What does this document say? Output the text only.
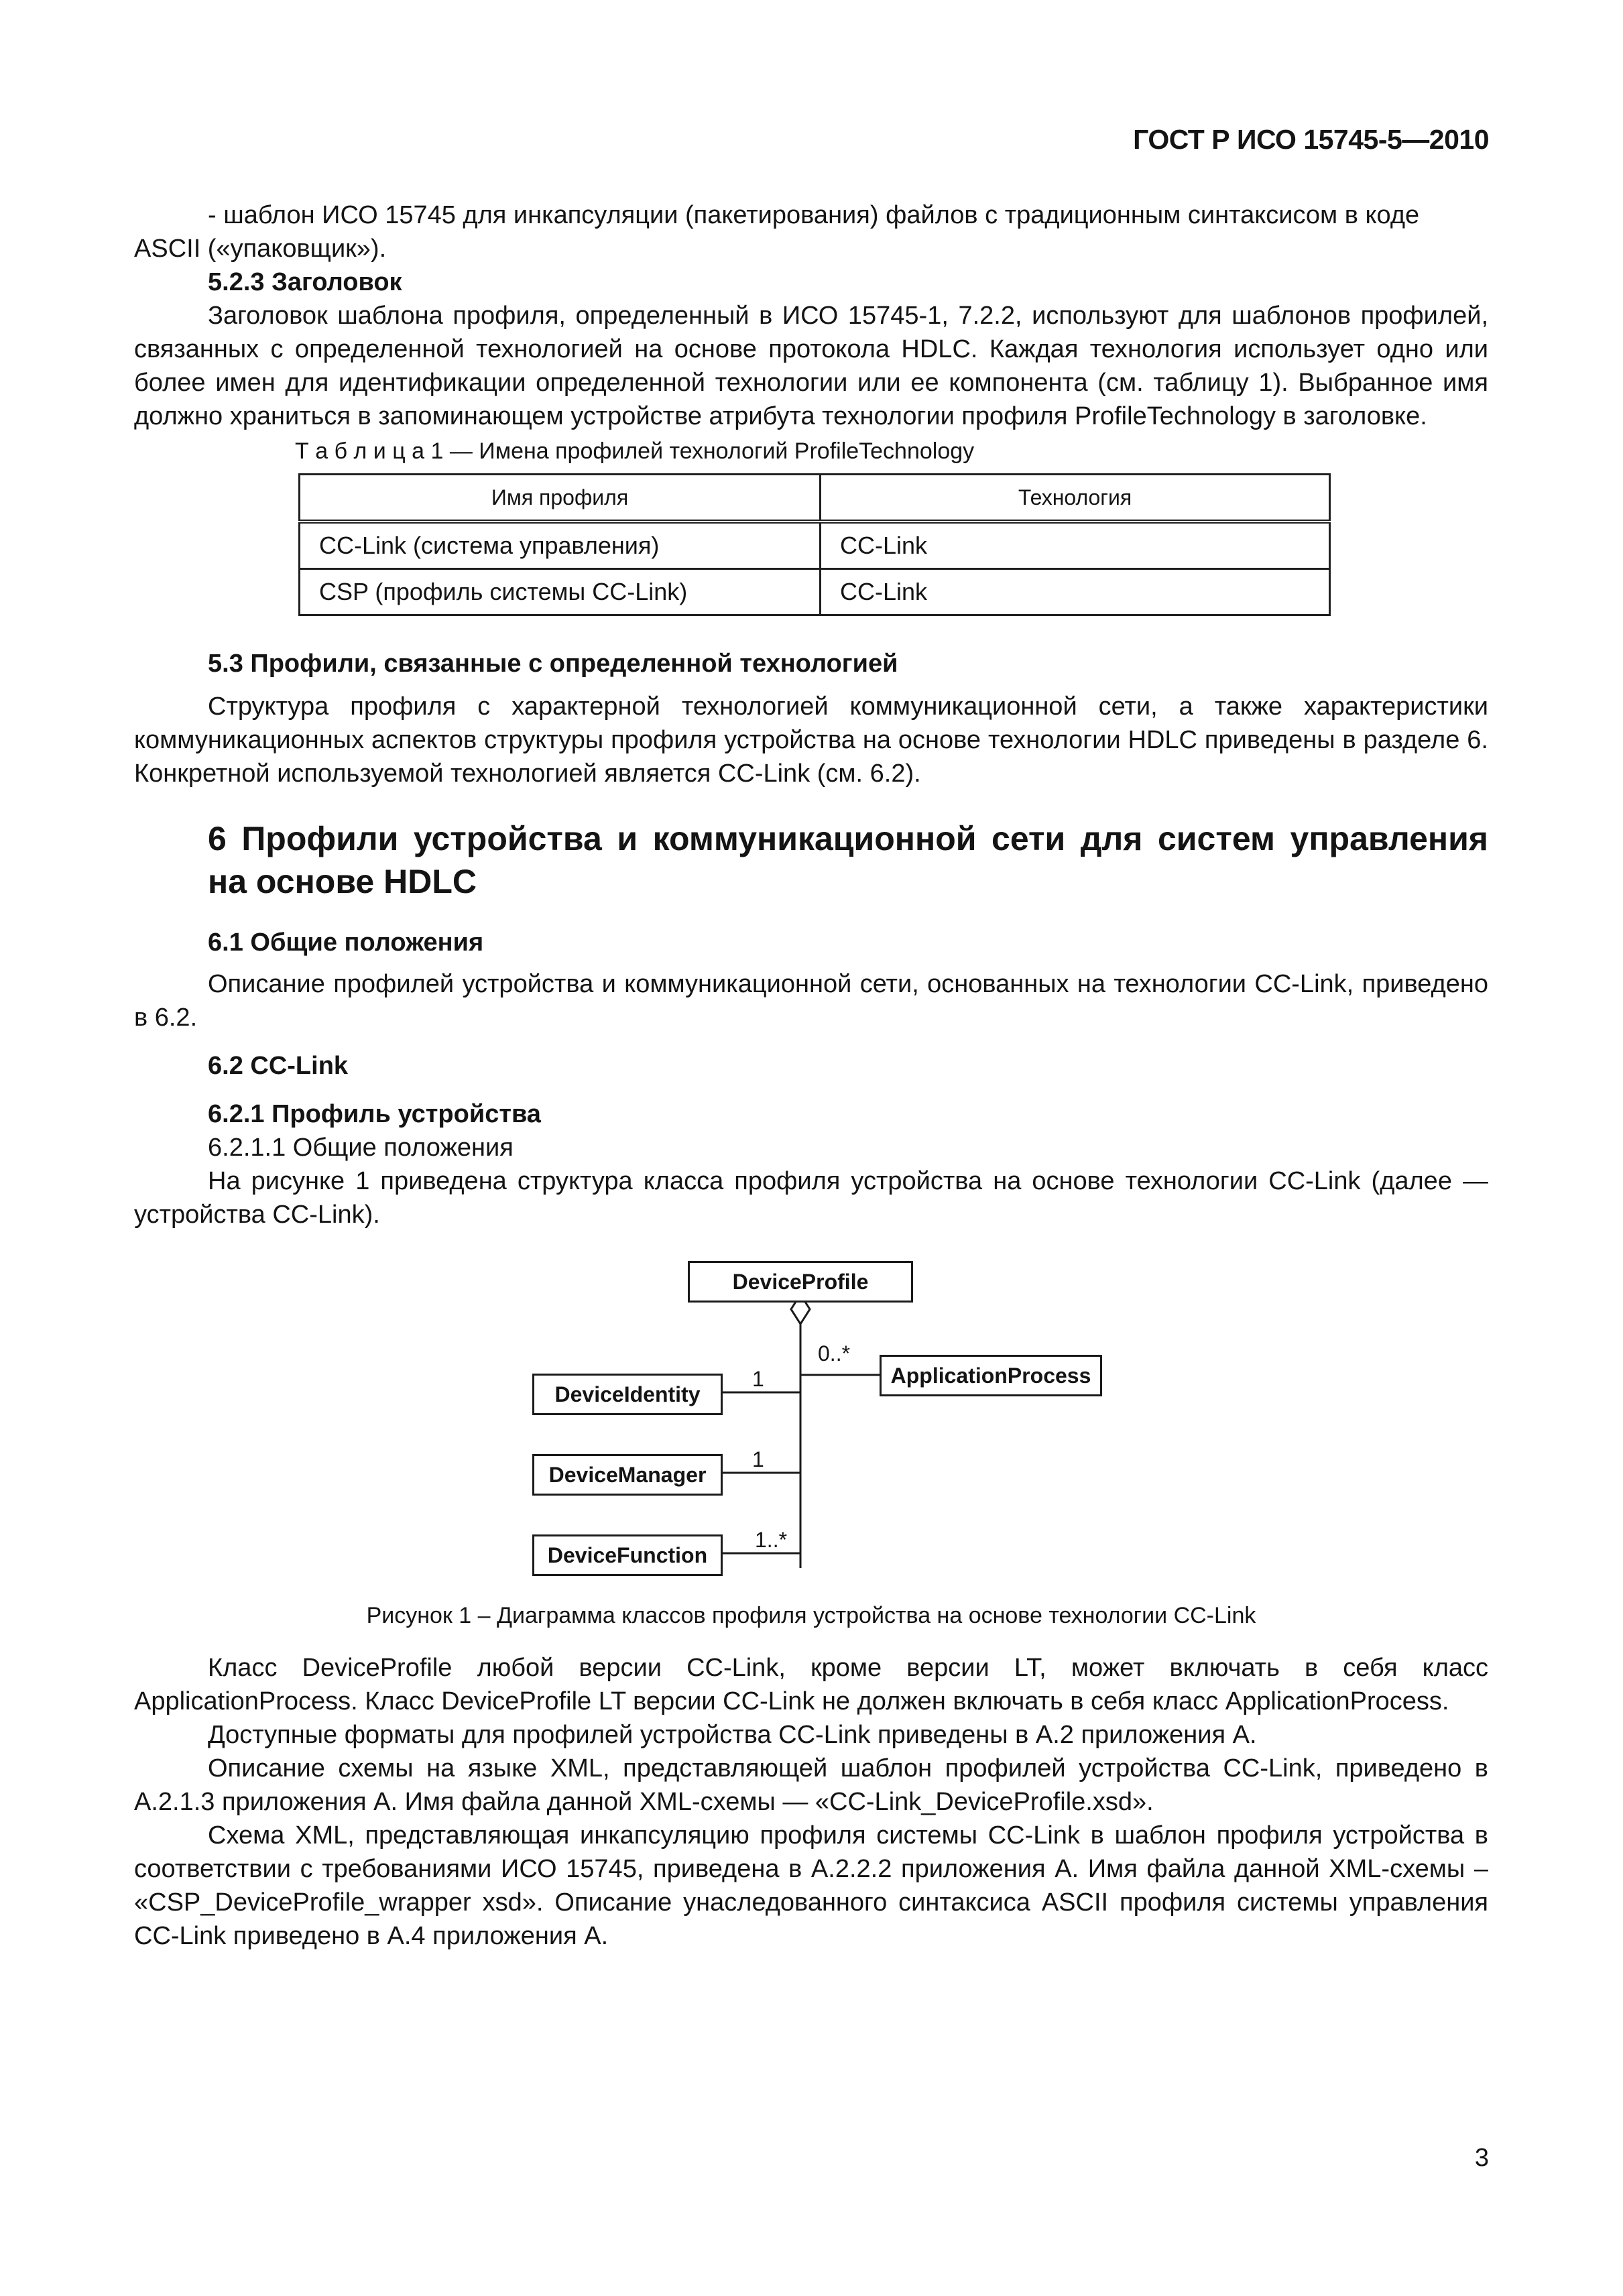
ГОСТ Р ИСО 15745-5—2010

- шаблон ИСО 15745 для инкапсуляции (пакетирования) файлов с традиционным синтаксисом в коде

ASCII («упаковщик»).

5.2.3 Заголовок

Заголовок шаблона профиля, определенный в ИСО 15745-1, 7.2.2, используют для шаблонов профилей, связанных с определенной технологией на основе протокола HDLC. Каждая технология использует одно или более имен для идентификации определенной технологии или ее компонента (см. таблицу 1). Выбранное имя должно храниться в запоминающем устройстве атрибута технологии профиля ProfileTechnology в заголовке.

Т а б л и ц а 1 — Имена профилей технологий ProfileTechnology
Имя профиля	Технология
CC-Link (система управления)	CC-Link
CSP (профиль системы CC-Link)	CC-Link
5.3 Профили, связанные с определенной технологией

Структура профиля с характерной технологией коммуникационной сети, а также характеристики коммуникационных аспектов структуры профиля устройства на основе технологии HDLC приведены в разделе 6. Конкретной используемой технологией является CC-Link (см. 6.2).

6 Профили устройства и коммуникационной сети для систем управления на основе HDLC
6.1 Общие положения

Описание профилей устройства и коммуникационной сети, основанных на технологии CC-Link, приведено в 6.2.

6.2 CC-Link
6.2.1 Профиль устройства

6.2.1.1 Общие положения

На рисунке 1 приведена структура класса профиля устройства на основе технологии CC-Link (далее — устройства CC-Link).

DeviceProfile
ApplicationProcess
DeviceIdentity
DeviceManager
DeviceFunction
0..*
1
1
1..*
Рисунок 1 – Диаграмма классов профиля устройства на основе технологии CC-Link

Класс DeviceProfile любой версии CC-Link, кроме версии LT, может включать в себя класс ApplicationProcess. Класс DeviceProfile LT версии CC-Link не должен включать в себя класс ApplicationProcess.

Доступные форматы для профилей устройства CC-Link приведены в А.2 приложения А.

Описание схемы на языке XML, представляющей шаблон профилей устройства CC-Link, приведено в А.2.1.3 приложения А. Имя файла данной XML-схемы — «CC-Link_DeviceProfile.xsd».

Схема XML, представляющая инкапсуляцию профиля системы CC-Link в шаблон профиля устройства в соответствии с требованиями ИСО 15745, приведена в А.2.2.2 приложения А. Имя файла данной XML-схемы – «CSP_DeviceProfile_wrapper xsd». Описание унаследованного синтаксиса ASCII профиля системы управления CC-Link приведено в А.4 приложения А.

3
